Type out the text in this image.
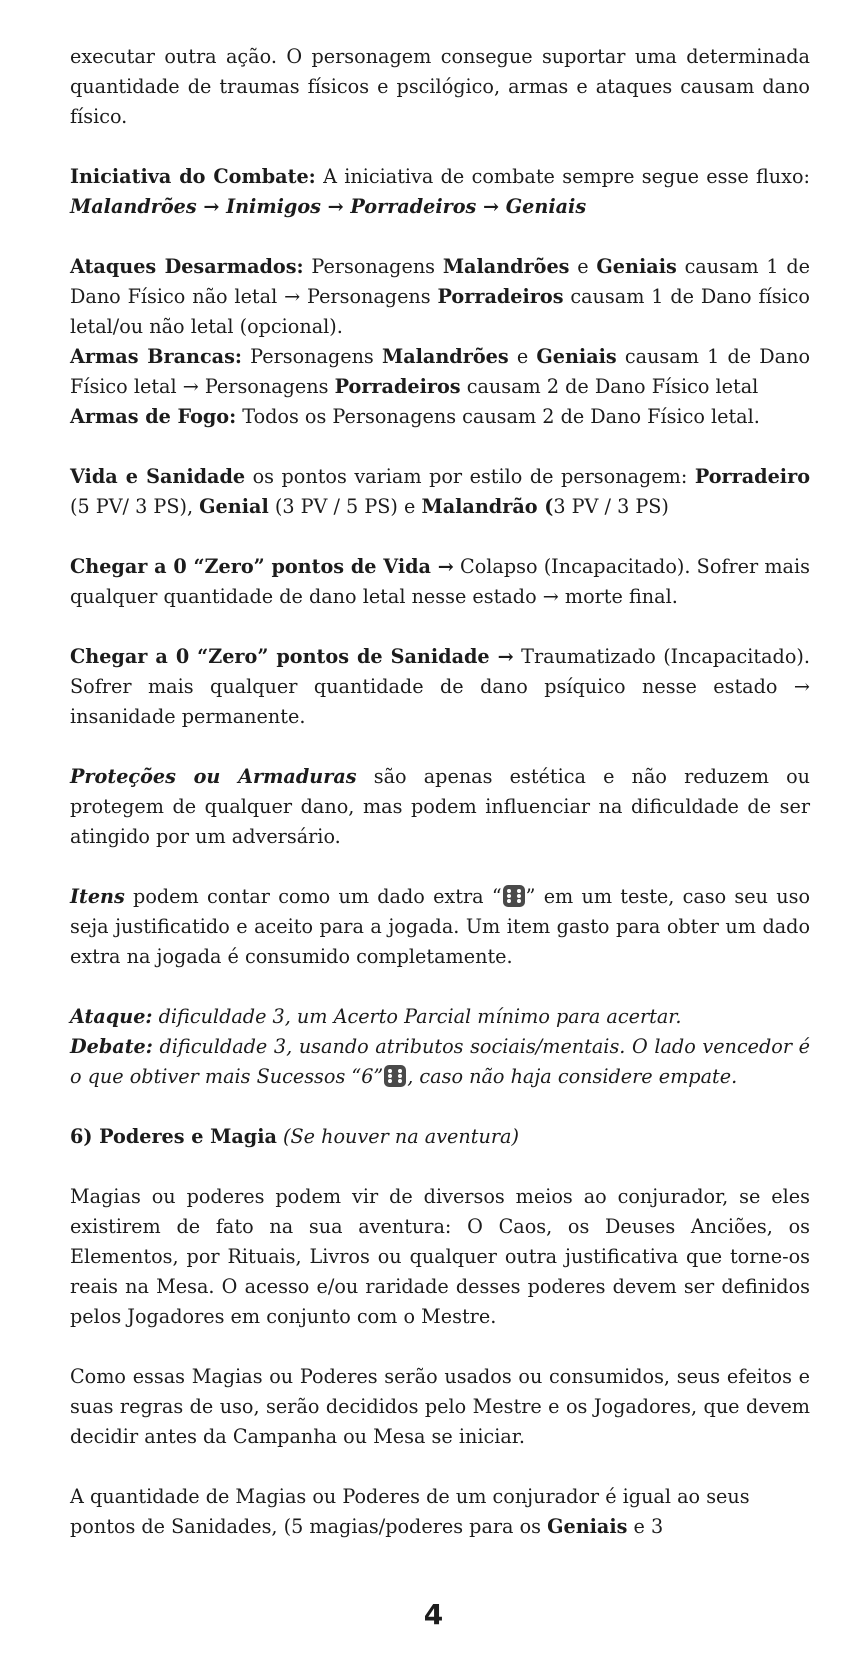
executar outra ação. O personagem consegue suportar uma determinada quantidade de traumas físicos e pscilógico, armas e ataques causam dano físico.

Iniciativa do Combate: A iniciativa de combate sempre segue esse fluxo: Malandrões → Inimigos → Porradeiros → Geniais

Ataques Desarmados: Personagens Malandrões e Geniais causam 1 de Dano Físico não letal → Personagens Porradeiros causam 1 de Dano físico letal/ou não letal (opcional).

Armas Brancas: Personagens Malandrões e Geniais causam 1 de Dano Físico letal → Personagens Porradeiros causam 2 de Dano Físico letal

Armas de Fogo: Todos os Personagens causam 2 de Dano Físico letal.

Vida e Sanidade os pontos variam por estilo de personagem: Porradeiro (5 PV/ 3 PS), Genial (3 PV / 5 PS) e Malandrão (3 PV / 3 PS)

Chegar a 0 “Zero” pontos de Vida → Colapso (Incapacitado). Sofrer mais qualquer quantidade de dano letal nesse estado → morte final.

Chegar a 0 “Zero” pontos de Sanidade → Traumatizado (Incapacitado). Sofrer mais qualquer quantidade de dano psíquico nesse estado → insanidade permanente.

Proteções ou Armaduras são apenas estética e não reduzem ou protegem de qualquer dano, mas podem influenciar na dificuldade de ser atingido por um adversário.

Itens podem contar como um dado extra “ ” em um teste, caso seu uso seja justificatido e aceito para a jogada. Um item gasto para obter um dado extra na jogada é consumido completamente.

Ataque: dificuldade 3, um Acerto Parcial mínimo para acertar.

Debate: dificuldade 3, usando atributos sociais/mentais. O lado vencedor é o que obtiver mais Sucessos “6” , caso não haja considere empate.

6) Poderes e Magia (Se houver na aventura)

Magias ou poderes podem vir de diversos meios ao conjurador, se eles existirem de fato na sua aventura: O Caos, os Deuses Anciões, os Elementos, por Rituais, Livros ou qualquer outra justificativa que torne-os reais na Mesa. O acesso e/ou raridade desses poderes devem ser definidos pelos Jogadores em conjunto com o Mestre.

Como essas Magias ou Poderes serão usados ou consumidos, seus efeitos e suas regras de uso, serão decididos pelo Mestre e os Jogadores, que devem decidir antes da Campanha ou Mesa se iniciar.

A quantidade de Magias ou Poderes de um conjurador é igual ao seus pontos de Sanidades, (5 magias/poderes para os Geniais e 3

4
